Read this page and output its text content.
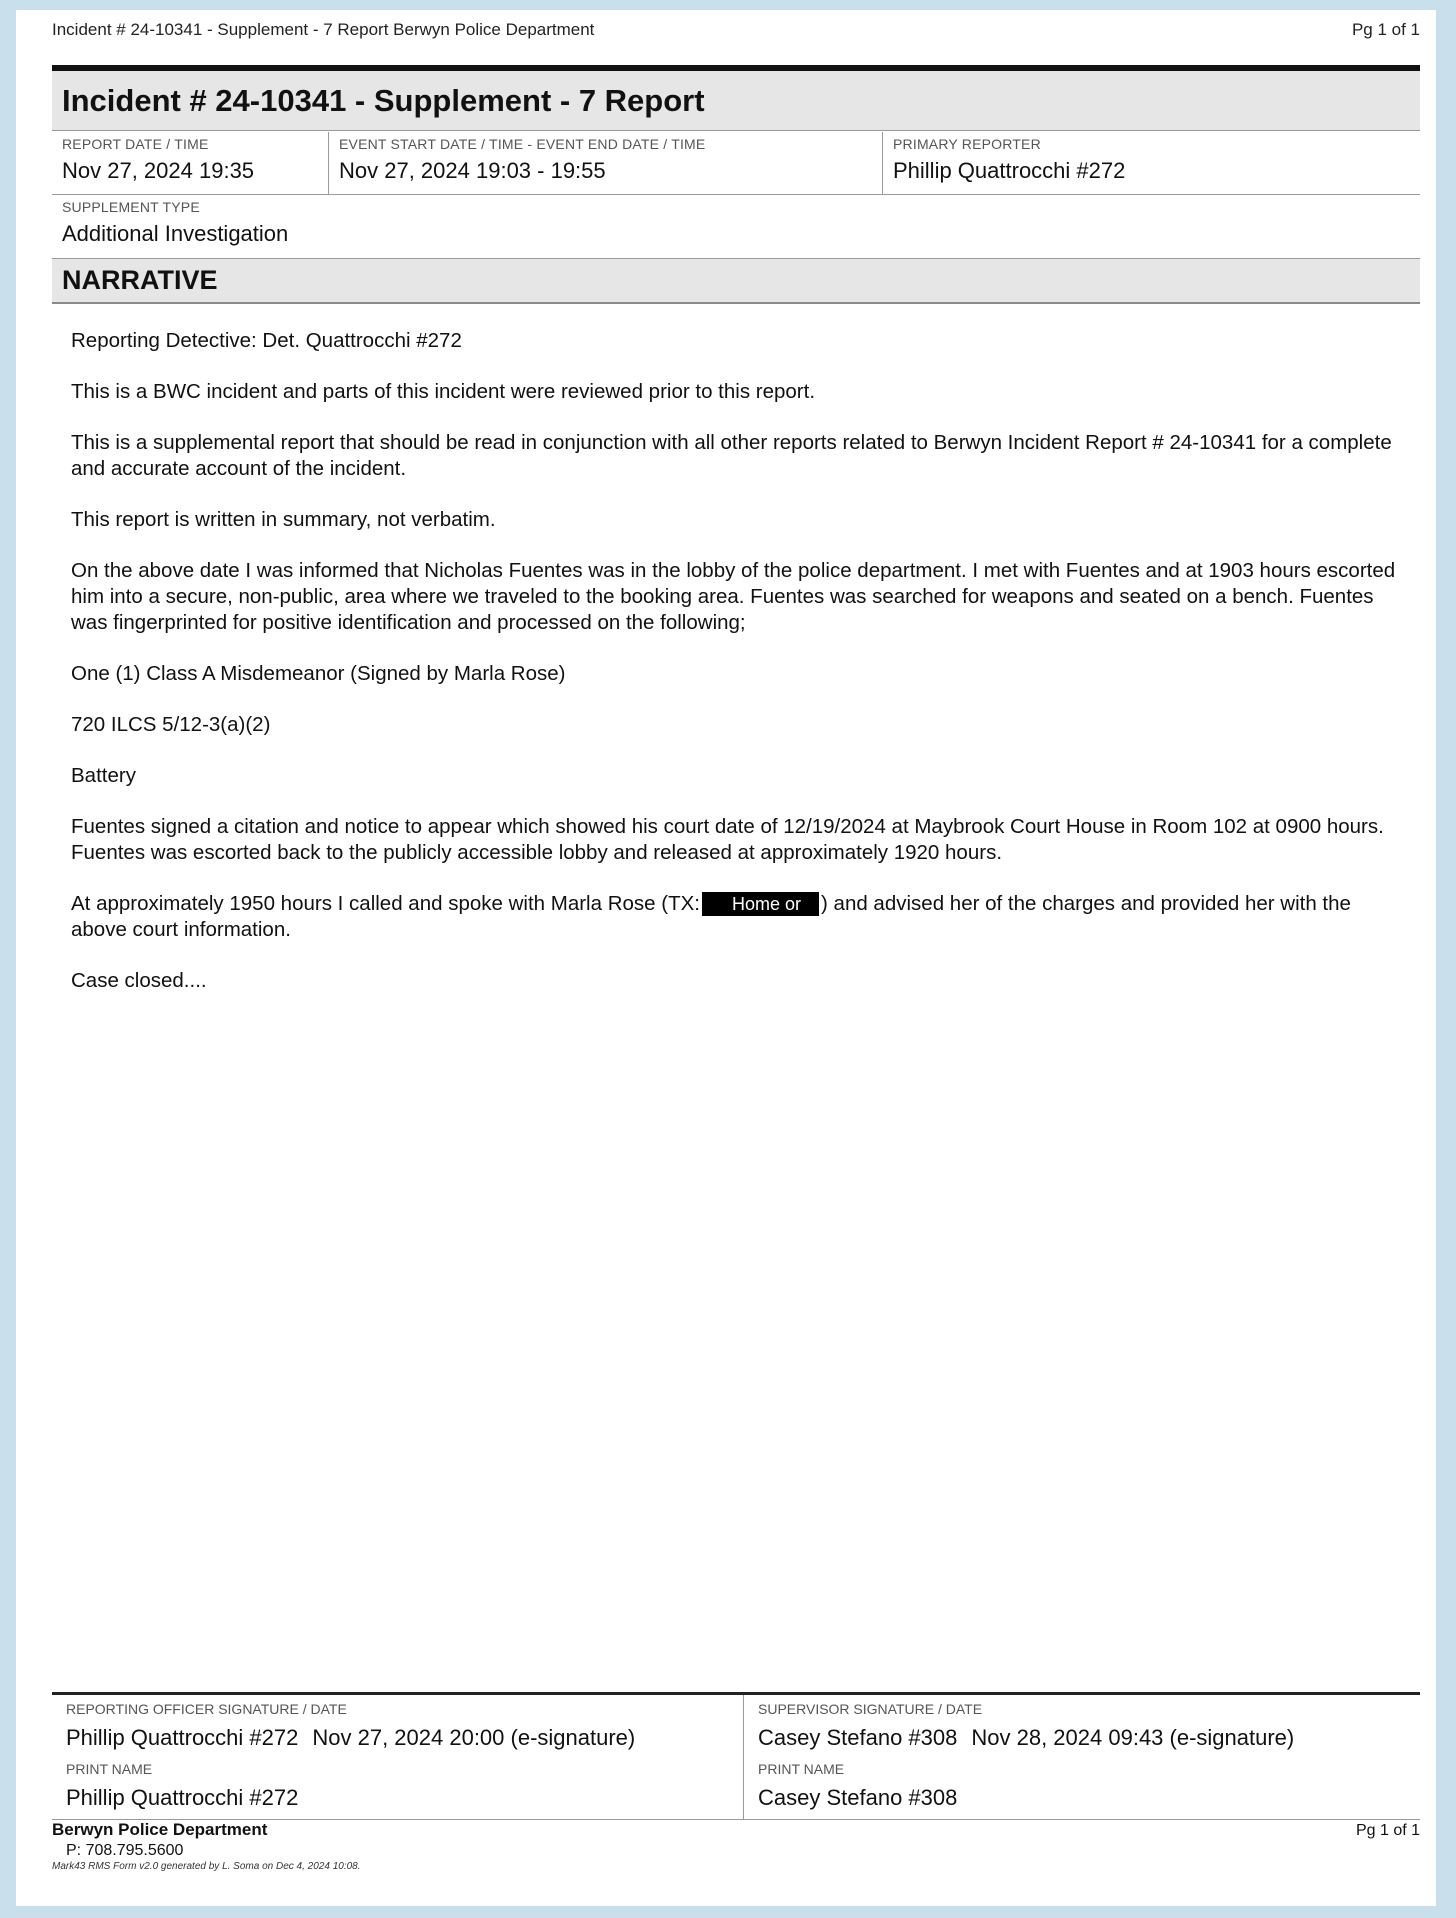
Incident # 24-10341 - Supplement - 7 Report Berwyn Police Department	Pg 1 of 1
Incident # 24-10341 - Supplement - 7 Report
REPORT DATE / TIME
Nov 27, 2024 19:35
EVENT START DATE / TIME - EVENT END DATE / TIME
Nov 27, 2024 19:03 - 19:55
PRIMARY REPORTER
Phillip Quattrocchi #272
SUPPLEMENT TYPE
Additional Investigation
NARRATIVE

Reporting Detective: Det. Quattrocchi #272

This is a BWC incident and parts of this incident were reviewed prior to this report.

This is a supplemental report that should be read in conjunction with all other reports related to Berwyn Incident Report # 24-10341 for a complete and accurate account of the incident.

This report is written in summary, not verbatim.

On the above date I was informed that Nicholas Fuentes was in the lobby of the police department. I met with Fuentes and at 1903 hours escorted him into a secure, non-public, area where we traveled to the booking area. Fuentes was searched for weapons and seated on a bench. Fuentes was fingerprinted for positive identification and processed on the following;

One (1) Class A Misdemeanor (Signed by Marla Rose)

720 ILCS 5/12-3(a)(2)

Battery

Fuentes signed a citation and notice to appear which showed his court date of 12/19/2024 at Maybrook Court House in Room 102 at 0900 hours. Fuentes was escorted back to the publicly accessible lobby and released at approximately 1920 hours.

At approximately 1950 hours I called and spoke with Marla Rose (TX: Home or ) and advised her of the charges and provided her with the above court information.

Case closed....

REPORTING OFFICER SIGNATURE / DATE
Phillip Quattrocchi #272 Nov 27, 2024 20:00 (e-signature)
PRINT NAME
Phillip Quattrocchi #272
SUPERVISOR SIGNATURE / DATE
Casey Stefano #308 Nov 28, 2024 09:43 (e-signature)
PRINT NAME
Casey Stefano #308
Berwyn Police Department
P: 708.795.5600
Mark43 RMS Form v2.0 generated by L. Soma on Dec 4, 2024 10:08.
Pg 1 of 1
